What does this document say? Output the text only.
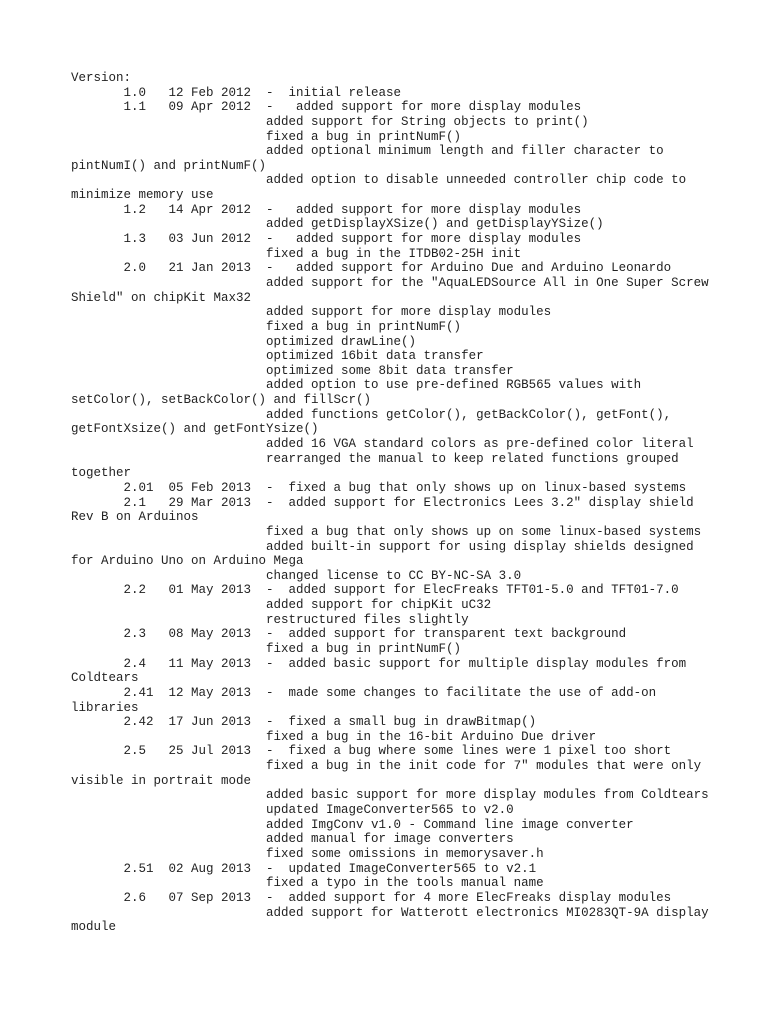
Version:
1.0   12 Feb 2012  -  initial release
1.1   09 Apr 2012  -   added support for more display modules
added support for String objects to print()
fixed a bug in printNumF()
added optional minimum length and filler character to
pintNumI() and printNumF()
added option to disable unneeded controller chip code to
minimize memory use
1.2   14 Apr 2012  -   added support for more display modules
added getDisplayXSize() and getDisplayYSize()
1.3   03 Jun 2012  -   added support for more display modules
fixed a bug in the ITDB02-25H init
2.0   21 Jan 2013  -   added support for Arduino Due and Arduino Leonardo
added support for the "AquaLEDSource All in One Super Screw
Shield" on chipKit Max32
added support for more display modules
fixed a bug in printNumF()
optimized drawLine()
optimized 16bit data transfer
optimized some 8bit data transfer
added option to use pre-defined RGB565 values with
setColor(), setBackColor() and fillScr()
added functions getColor(), getBackColor(), getFont(),
getFontXsize() and getFontYsize()
added 16 VGA standard colors as pre-defined color literal
rearranged the manual to keep related functions grouped
together
2.01  05 Feb 2013  -  fixed a bug that only shows up on linux-based systems
2.1   29 Mar 2013  -  added support for Electronics Lees 3.2" display shield
Rev B on Arduinos
fixed a bug that only shows up on some linux-based systems
added built-in support for using display shields designed
for Arduino Uno on Arduino Mega
changed license to CC BY-NC-SA 3.0
2.2   01 May 2013  -  added support for ElecFreaks TFT01-5.0 and TFT01-7.0
added support for chipKit uC32
restructured files slightly
2.3   08 May 2013  -  added support for transparent text background
fixed a bug in printNumF()
2.4   11 May 2013  -  added basic support for multiple display modules from
Coldtears
2.41  12 May 2013  -  made some changes to facilitate the use of add-on
libraries
2.42  17 Jun 2013  -  fixed a small bug in drawBitmap()
fixed a bug in the 16-bit Arduino Due driver
2.5   25 Jul 2013  -  fixed a bug where some lines were 1 pixel too short
fixed a bug in the init code for 7" modules that were only
visible in portrait mode
added basic support for more display modules from Coldtears
updated ImageConverter565 to v2.0
added ImgConv v1.0 - Command line image converter
added manual for image converters
fixed some omissions in memorysaver.h
2.51  02 Aug 2013  -  updated ImageConverter565 to v2.1
fixed a typo in the tools manual name
2.6   07 Sep 2013  -  added support for 4 more ElecFreaks display modules
added support for Watterott electronics MI0283QT-9A display
module
